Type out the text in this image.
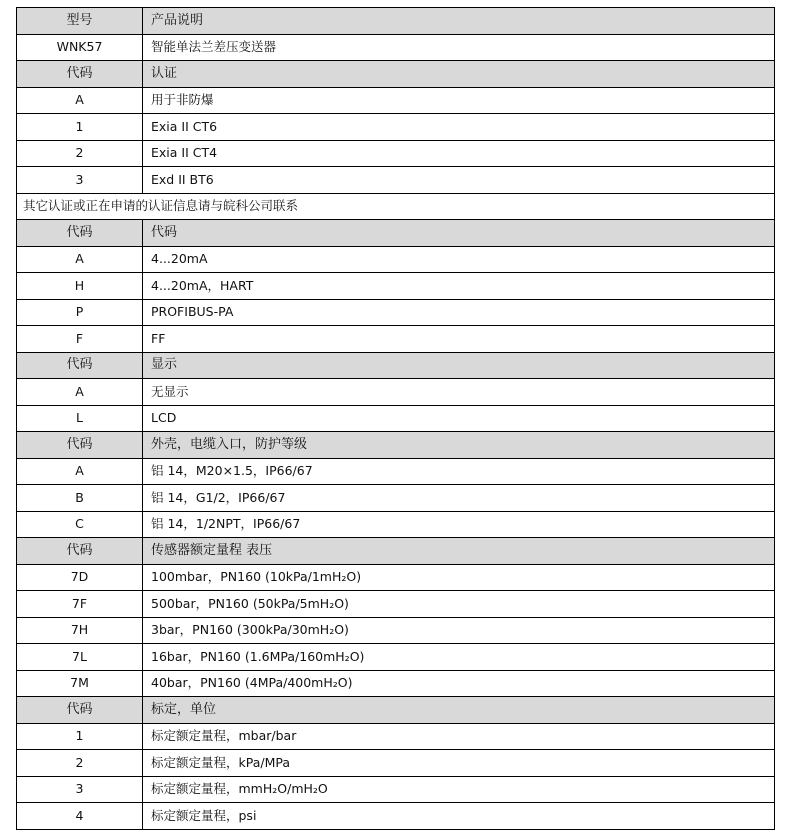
型号	产品说明
WNK57	智能单法兰差压变送器
代码	认证
A	用于非防爆
1	Exia II CT6
2	Exia II CT4
3	Exd II BT6
其它认证或正在申请的认证信息请与皖科公司联系	
代码	代码
A	4...20mA
H	4...20mA，HART
P	PROFIBUS-PA
F	FF
代码	显示
A	无显示
L	LCD
代码	外壳，电缆入口，防护等级
A	铝 14，M20×1.5，IP66/67
B	铝 14，G1/2，IP66/67
C	铝 14，1/2NPT，IP66/67
代码	传感器额定量程 表压
7D	100mbar，PN160 (10kPa/1mH₂O)
7F	500bar，PN160 (50kPa/5mH₂O)
7H	3bar，PN160 (300kPa/30mH₂O)
7L	16bar，PN160 (1.6MPa/160mH₂O)
7M	40bar，PN160 (4MPa/400mH₂O)
代码	标定，单位
1	标定额定量程，mbar/bar
2	标定额定量程，kPa/MPa
3	标定额定量程，mmH₂O/mH₂O
4	标定额定量程，psi
